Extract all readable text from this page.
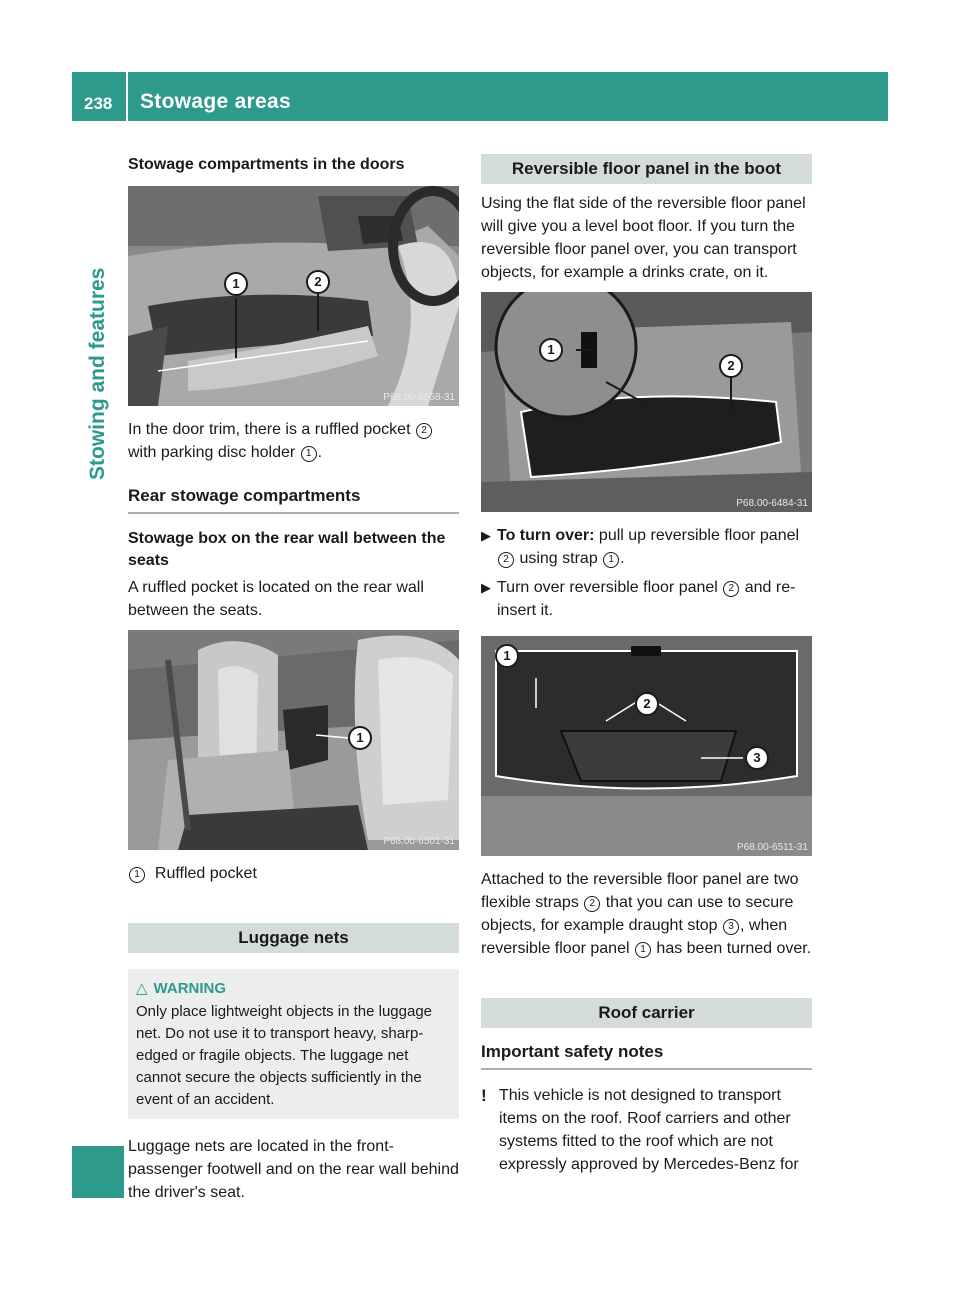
238 Stowage areas
Stowing and features
Stowage compartments in the doors
1	2
P68.00-6558-31

In the door trim, there is a ruffled pocket 2 with parking disc holder 1 .

Rear stowage compartments
Stowage box on the rear wall between the seats

A ruffled pocket is located on the rear wall between the seats.

1
P68.00-6501-31

1 Ruffled pocket

Luggage nets
△ WARNING

Only place lightweight objects in the luggage net. Do not use it to transport heavy, sharp-edged or fragile objects. The luggage net cannot secure the objects sufficiently in the event of an accident.

Luggage nets are located in the front-passenger footwell and on the rear wall behind the driver's seat.

Reversible floor panel in the boot

Using the flat side of the reversible floor panel will give you a level boot floor. If you turn the reversible floor panel over, you can transport objects, for example a drinks crate, on it.

1
2
P68.00-6484-31

▶ To turn over: pull up reversible floor panel 2 using strap 1 .

▶ Turn over reversible floor panel 2 and re-insert it.

1
2
3
P68.00-6511-31

Attached to the reversible floor panel are two flexible straps 2 that you can use to secure objects, for example draught stop 3 , when reversible floor panel 1 has been turned over.

Roof carrier
Important safety notes

! This vehicle is not designed to transport items on the roof. Roof carriers and other systems fitted to the roof which are not expressly approved by Mercedes-Benz for
